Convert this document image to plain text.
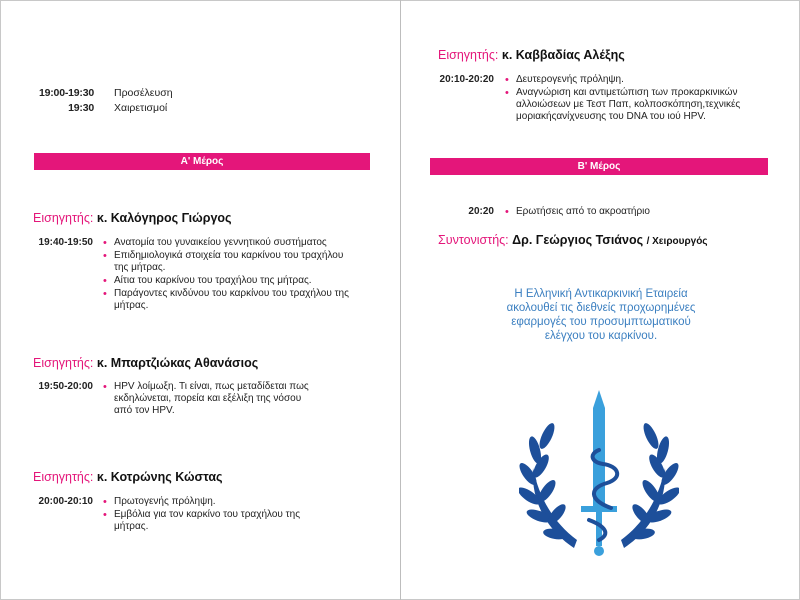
19:00-19:30 Προσέλευση
19:30 Χαιρετισμοί
Α' Μέρος
Εισηγητής: κ. Καλόγηρος Γιώργος
19:40-19:50	• Ανατομία του γυναικείου γεννητικού συστήματος
• Επιδημιολογικά στοιχεία του καρκίνου του τραχήλου της μήτρας.
• Αίτια του καρκίνου του τραχήλου της μήτρας.
• Παράγοντες κινδύνου του καρκίνου του τραχήλου της μήτρας.
Εισηγητής: κ. Μπαρτζιώκας Αθανάσιος
19:50-20:00	• HPV λοίμωξη. Τι είναι, πως μεταδίδεται πως εκδηλώνεται, πορεία και εξέλιξη της νόσου από τον HPV.
Εισηγητής: κ. Κοτρώνης Κώστας
20:00-20:10	• Πρωτογενής πρόληψη.
• Εμβόλια για τον καρκίνο του τραχήλου της μήτρας.
Εισηγητής: κ. Καββαδίας Αλέξης
20:10-20:20	• Δευτερογενής πρόληψη.
• Αναγνώριση και αντιμετώπιση των προκαρκινικών αλλοιώσεων με Τεστ Παπ, κολποσκόπηση,τεχνικές μοριακήςανίχνευσης του DNA του ιού HPV.
Β' Μέρος
20:20	• Ερωτήσεις από το ακροατήριο
Συντονιστής: Δρ. Γεώργιος Τσιάνος / Χειρουργός
Η Ελληνική Αντικαρκινική Εταιρεία ακολουθεί τις διεθνείς προχωρημένες εφαρμογές του προσυμπτωματικού ελέγχου του καρκίνου.
